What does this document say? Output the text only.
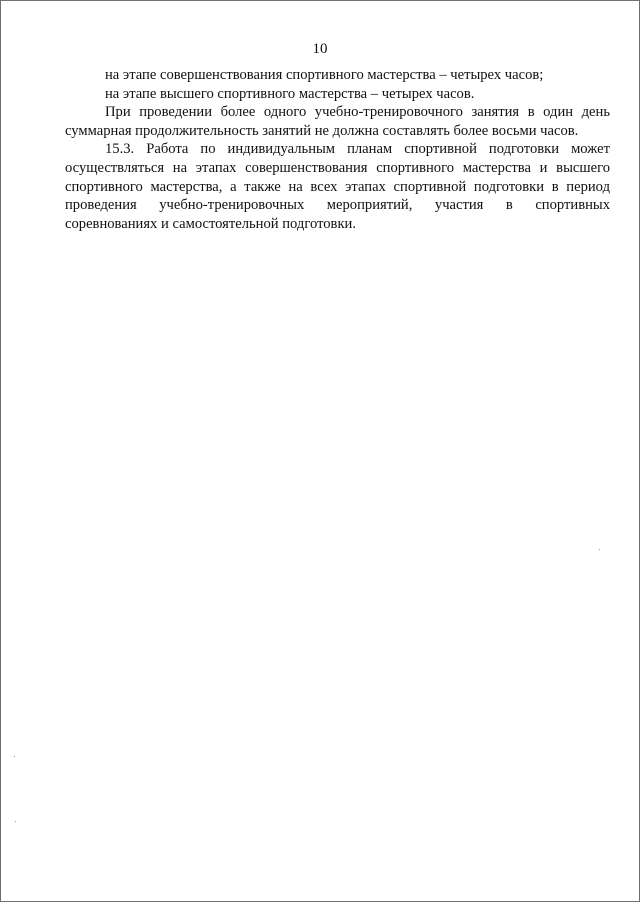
10

на этапе совершенствования спортивного мастерства – четырех часов;

на этапе высшего спортивного мастерства – четырех часов.

При проведении более одного учебно-тренировочного занятия в один день суммарная продолжительность занятий не должна составлять более восьми часов.

15.3. Работа по индивидуальным планам спортивной подготовки может осуществляться на этапах совершенствования спортивного мастерства и высшего спортивного мастерства, а также на всех этапах спортивной подготовки в период проведения учебно-тренировочных мероприятий, участия в спортивных соревнованиях и самостоятельной подготовки.
